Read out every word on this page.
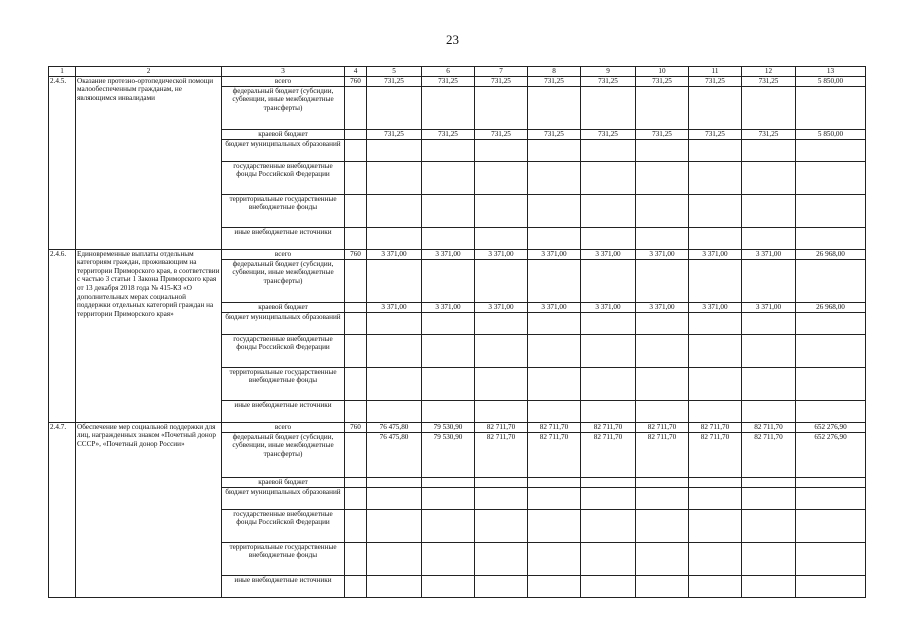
23
1	2	3	4	5	6	7	8	9	10	11	12	13
2.4.5.	Оказание протезно-ортопедической помощи малообеспеченным гражданам, не являющимся инвалидами	всего	760	731,25	731,25	731,25	731,25	731,25	731,25	731,25	731,25	5 850,00
		федеральный бюджет (субсидии, субвенции, иные межбюджетные трансферты)										
		краевой бюджет		731,25	731,25	731,25	731,25	731,25	731,25	731,25	731,25	5 850,00
		бюджет муниципальных образований										
		государственные внебюджетные фонды Российской Федерации										
		территориальные государственные внебюджетные фонды										
		иные внебюджетные источники										
2.4.6.	Единовременные выплаты отдельным категориям граждан, проживающим на территории Приморского края, в соответствии с частью 3 статьи 1 Закона Приморского края от 13 декабря 2018 года № 415-КЗ «О дополнительных мерах социальной поддержки отдельных категорий граждан на территории Приморского края»	всего	760	3 371,00	3 371,00	3 371,00	3 371,00	3 371,00	3 371,00	3 371,00	3 371,00	26 968,00
		федеральный бюджет (субсидии, субвенции, иные межбюджетные трансферты)										
		краевой бюджет		3 371,00	3 371,00	3 371,00	3 371,00	3 371,00	3 371,00	3 371,00	3 371,00	26 968,00
		бюджет муниципальных образований										
		государственные внебюджетные фонды Российской Федерации										
		территориальные государственные внебюджетные фонды										
		иные внебюджетные источники										
2.4.7.	Обеспечение мер социальной поддержки для лиц, награжденных знаком «Почетный донор СССР», «Почетный донор России»	всего	760	76 475,80	79 530,90	82 711,70	82 711,70	82 711,70	82 711,70	82 711,70	82 711,70	652 276,90
		федеральный бюджет (субсидии, субвенции, иные межбюджетные трансферты)		76 475,80	79 530,90	82 711,70	82 711,70	82 711,70	82 711,70	82 711,70	82 711,70	652 276,90
		краевой бюджет										
		бюджет муниципальных образований										
		государственные внебюджетные фонды Российской Федерации										
		территориальные государственные внебюджетные фонды										
		иные внебюджетные источники										
